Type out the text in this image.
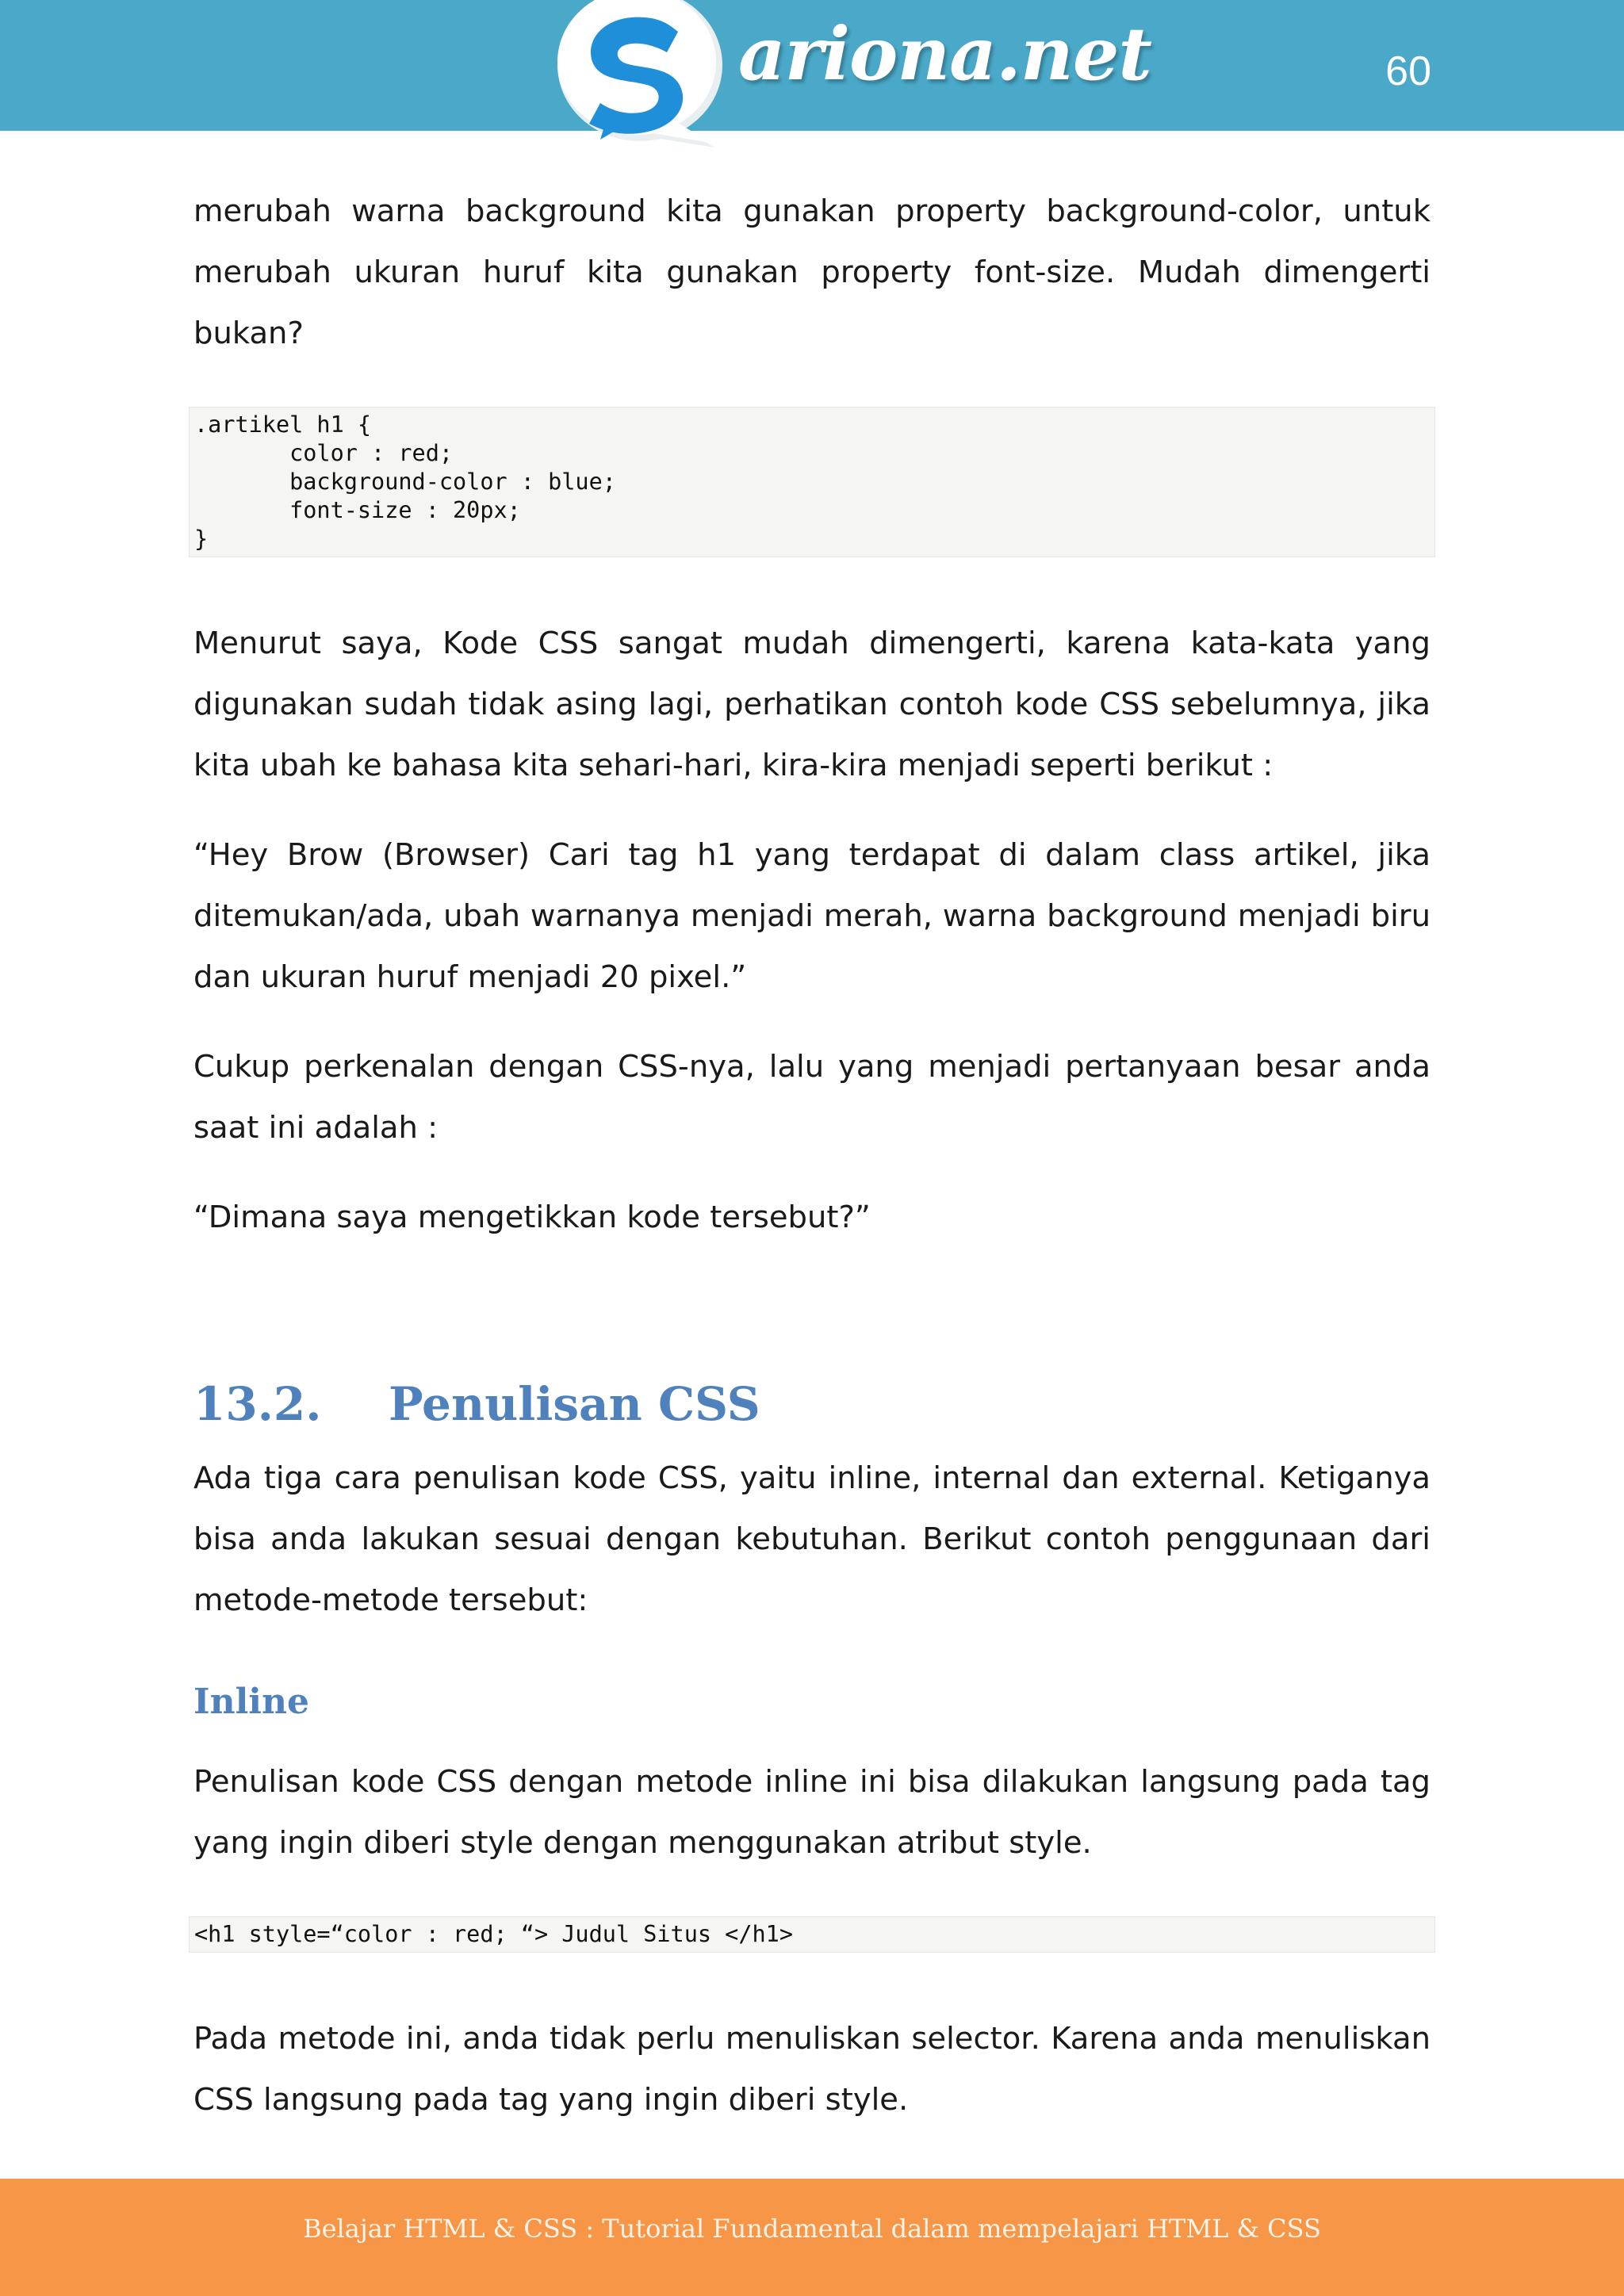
ariona.net	60

merubah warna background kita gunakan property background-color, untuk merubah ukuran huruf kita gunakan property font-size. Mudah dimengerti bukan?

.artikel h1 {
color : red;
background-color : blue;
font-size : 20px;
}

Menurut saya, Kode CSS sangat mudah dimengerti, karena kata-kata yang digunakan sudah tidak asing lagi, perhatikan contoh kode CSS sebelumnya, jika kita ubah ke bahasa kita sehari-hari, kira-kira menjadi seperti berikut :

“Hey Brow (Browser) Cari tag h1 yang terdapat di dalam class artikel, jika ditemukan/ada, ubah warnanya menjadi merah, warna background menjadi biru dan ukuran huruf menjadi 20 pixel.”

Cukup perkenalan dengan CSS-nya, lalu yang menjadi pertanyaan besar anda saat ini adalah :

“Dimana saya mengetikkan kode tersebut?”

13.2.	Penulisan CSS

Ada tiga cara penulisan kode CSS, yaitu inline, internal dan external. Ketiganya bisa anda lakukan sesuai dengan kebutuhan. Berikut contoh penggunaan dari metode-metode tersebut:

Inline

Penulisan kode CSS dengan metode inline ini bisa dilakukan langsung pada tag yang ingin diberi style dengan menggunakan atribut style.

<h1 style=“color : red; “> Judul Situs </h1>

Pada metode ini, anda tidak perlu menuliskan selector. Karena anda menuliskan CSS langsung pada tag yang ingin diberi style.

Belajar HTML & CSS : Tutorial Fundamental dalam mempelajari HTML & CSS
